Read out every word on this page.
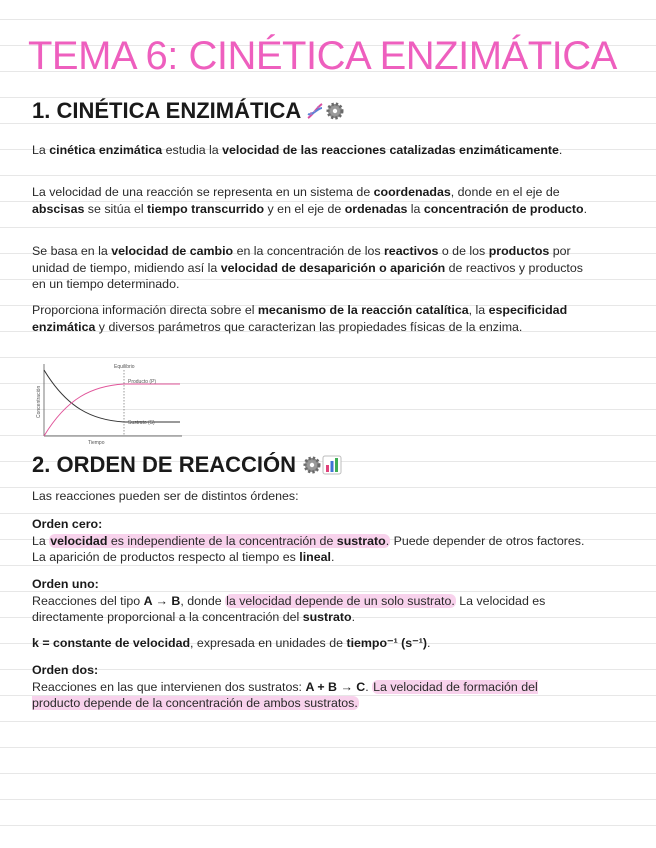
TEMA 6: CINÉTICA ENZIMÁTICA
1. CINÉTICA ENZIMÁTICA

La cinética enzimática estudia la velocidad de las reacciones catalizadas enzimáticamente.

La velocidad de una reacción se representa en un sistema de coordenadas, donde en el eje de abscisas se sitúa el tiempo transcurrido y en el eje de ordenadas la concentración de producto.

Se basa en la velocidad de cambio en la concentración de los reactivos o de los productos por unidad de tiempo, midiendo así la velocidad de desaparición o aparición de reactivos y productos en un tiempo determinado.

Proporciona información directa sobre el mecanismo de la reacción catalítica, la especificidad enzimática y diversos parámetros que caracterizan las propiedades físicas de la enzima.

Equilibrio
Producto (P)
Sustrato (S)
Tiempo
Concentración
2. ORDEN DE REACCIÓN

Las reacciones pueden ser de distintos órdenes:

Orden cero:
La velocidad es independiente de la concentración de sustrato. Puede depender de otros factores. La aparición de productos respecto al tiempo es lineal.

Orden uno:
Reacciones del tipo A → B, donde la velocidad depende de un solo sustrato. La velocidad es directamente proporcional a la concentración del sustrato.

k = constante de velocidad, expresada en unidades de tiempo⁻¹ (s⁻¹).

Orden dos:
Reacciones en las que intervienen dos sustratos: A + B → C. La velocidad de formación del producto depende de la concentración de ambos sustratos.
